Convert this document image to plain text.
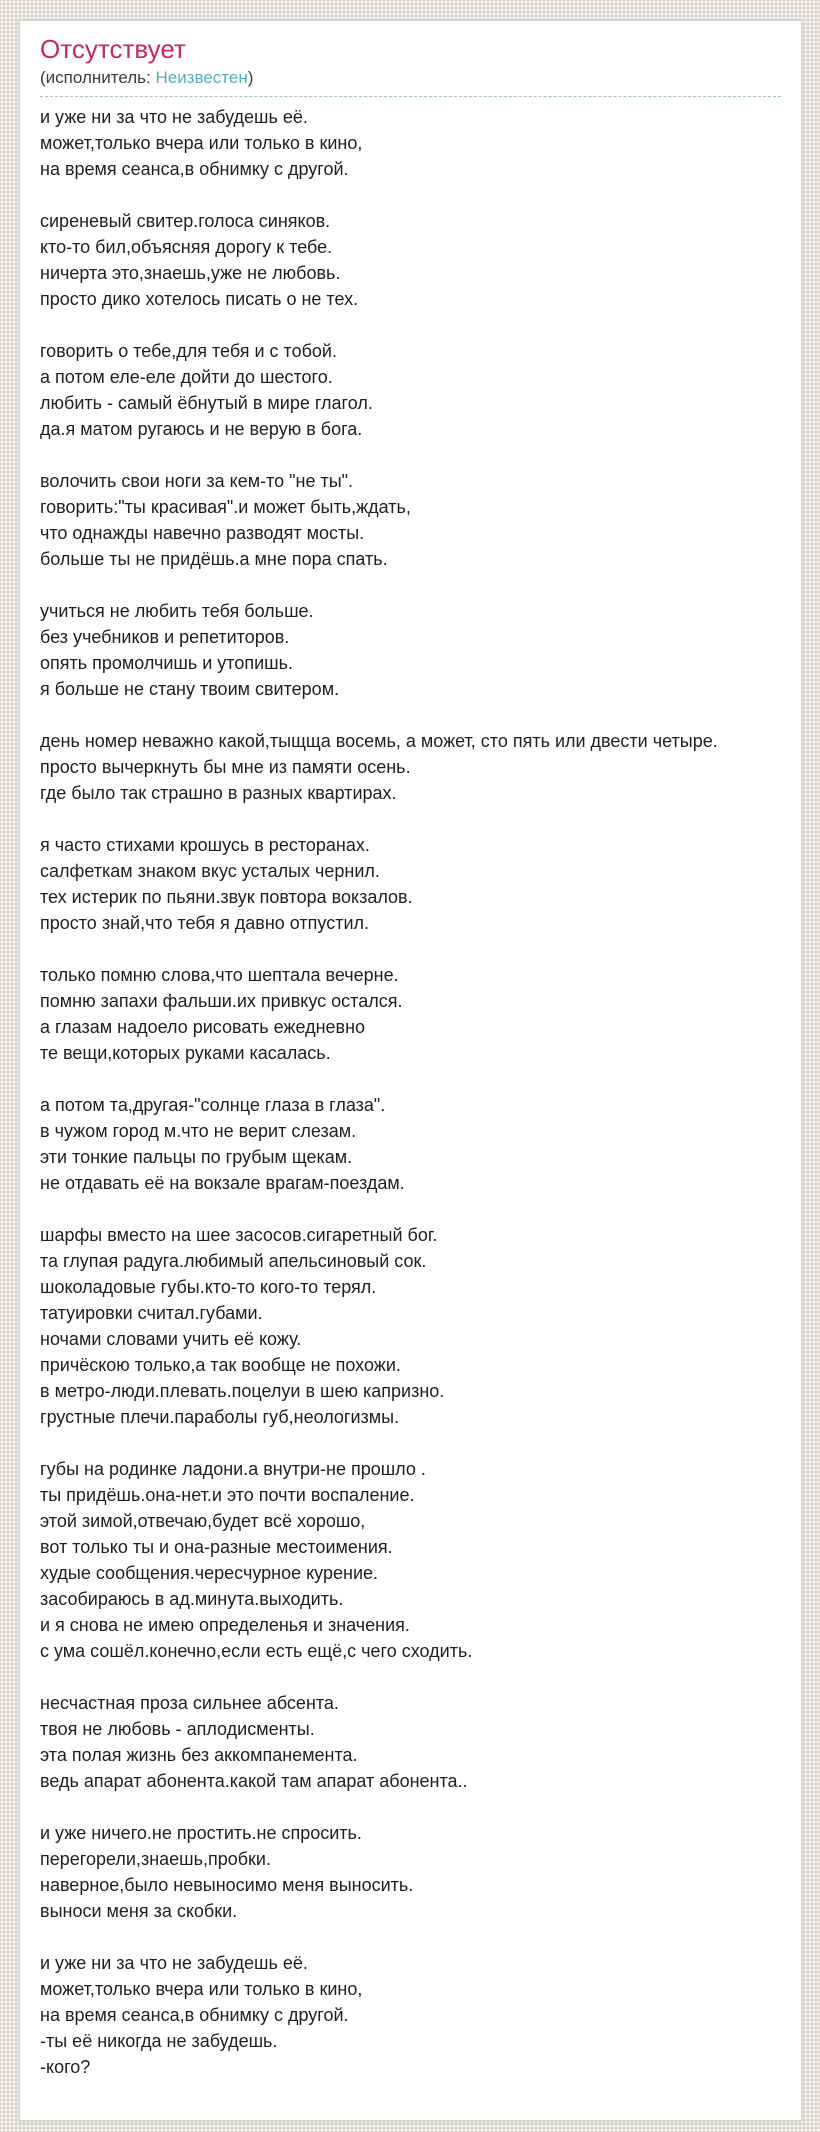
Отсутствует
(исполнитель: Неизвестен)
и уже ни за что не забудешь её.
может,только вчера или только в кино,
на время сеанса,в обнимку с другой.
сиреневый свитер.голоса синяков.
кто-то бил,объясняя дорогу к тебе.
ничерта это,знаешь,уже не любовь.
просто дико хотелось писать о не тех.
говорить о тебе,для тебя и с тобой.
а потом еле-еле дойти до шестого.
любить - самый ёбнутый в мире глагол.
да.я матом ругаюсь и не верую в бога.
волочить свои ноги за кем-то "не ты".
говорить:"ты красивая".и может быть,ждать,
что однажды навечно разводят мосты.
больше ты не придёшь.а мне пора спать.
учиться не любить тебя больше.
без учебников и репетиторов.
опять промолчишь и утопишь.
я больше не стану твоим свитером.
день номер неважно какой,тыщща восемь, а может, сто пять или двести четыре.
просто вычеркнуть бы мне из памяти осень.
где было так страшно в разных квартирах.
я часто стихами крошусь в ресторанах.
салфеткам знаком вкус усталых чернил.
тех истерик по пьяни.звук повтора вокзалов.
просто знай,что тебя я давно отпустил.
только помню слова,что шептала вечерне.
помню запахи фальши.их привкус остался.
а глазам надоело рисовать ежедневно
те вещи,которых руками касалась.
а потом та,другая-"солнце глаза в глаза".
в чужом город м.что не верит слезам.
эти тонкие пальцы по грубым щекам.
не отдавать её на вокзале врагам-поездам.
шарфы вместо на шее засосов.сигаретный бог.
та глупая радуга.любимый апельсиновый сок.
шоколадовые губы.кто-то кого-то терял.
татуировки считал.губами.
ночами словами учить её кожу.
причёскою только,а так вообще не похожи.
в метро-люди.плевать.поцелуи в шею капризно.
грустные плечи.параболы губ,неологизмы.
губы на родинке ладони.а внутри-не прошло .
ты придёшь.она-нет.и это почти воспаление.
этой зимой,отвечаю,будет всё хорошо,
вот только ты и она-разные местоимения.
худые сообщения.чересчурное курение.
засобираюсь в ад.минута.выходить.
и я снова не имею определенья и значения.
с ума сошёл.конечно,если есть ещё,с чего сходить.
несчастная проза сильнее абсента.
твоя не любовь - аплодисменты.
эта полая жизнь без аккомпанемента.
ведь апарат абонента.какой там апарат абонента..
и уже ничего.не простить.не спросить.
перегорели,знаешь,пробки.
наверное,было невыносимо меня выносить.
выноси меня за скобки.
и уже ни за что не забудешь её.
может,только вчера или только в кино,
на время сеанса,в обнимку с другой.
-ты её никогда не забудешь.
-кого?
